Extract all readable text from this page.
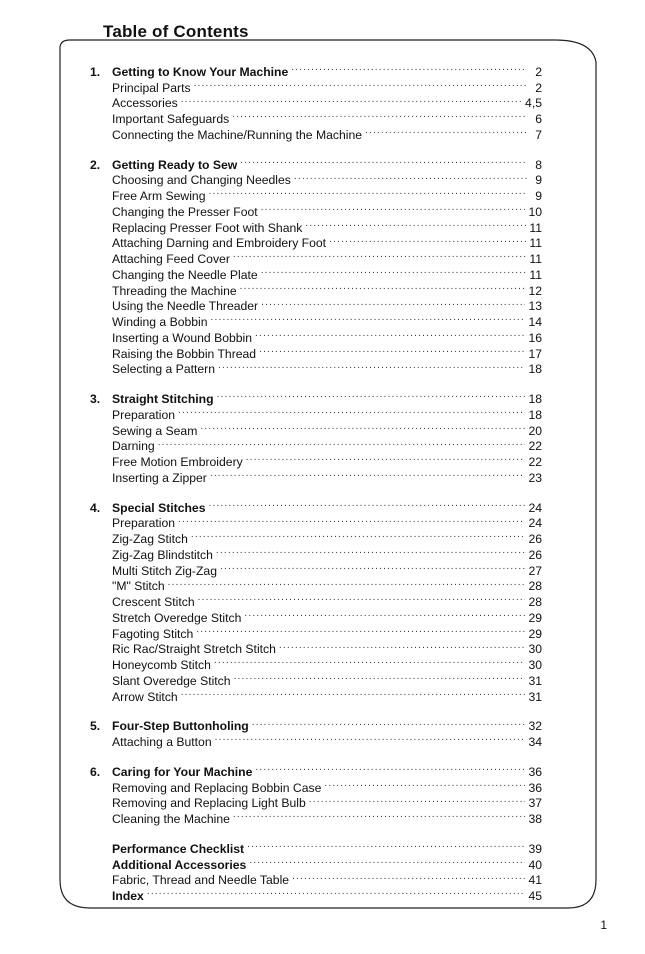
Table of Contents
1. Getting to Know Your Machine .....	2
Principal Parts .....	2
Accessories .....	4,5
Important Safeguards .....	6
Connecting the Machine/Running the Machine .....	7
2. Getting Ready to Sew .....	8
Choosing and Changing Needles .....	9
Free Arm Sewing .....	9
Changing the Presser Foot .....	10
Replacing Presser Foot with Shank .....	11
Attaching Darning and Embroidery Foot .....	11
Attaching Feed Cover .....	11
Changing the Needle Plate .....	11
Threading the Machine .....	12
Using the Needle Threader .....	13
Winding a Bobbin .....	14
Inserting a Wound Bobbin .....	16
Raising the Bobbin Thread .....	17
Selecting a Pattern .....	18
3. Straight Stitching .....	18
Preparation .....	18
Sewing a Seam .....	20
Darning .....	22
Free Motion Embroidery .....	22
Inserting a Zipper .....	23
4. Special Stitches .....	24
Preparation .....	24
Zig-Zag Stitch .....	26
Zig-Zag Blindstitch .....	26
Multi Stitch Zig-Zag .....	27
"M" Stitch .....	28
Crescent Stitch .....	28
Stretch Overedge Stitch .....	29
Fagoting Stitch .....	29
Ric Rac/Straight Stretch Stitch .....	30
Honeycomb Stitch .....	30
Slant Overedge Stitch .....	31
Arrow Stitch .....	31
5. Four-Step Buttonholing .....	32
Attaching a Button .....	34
6. Caring for Your Machine .....	36
Removing and Replacing Bobbin Case .....	36
Removing and Replacing Light Bulb .....	37
Cleaning the Machine .....	38
Performance Checklist .....	39
Additional Accessories .....	40
Fabric, Thread and Needle Table .....	41
Index .....	45
1
